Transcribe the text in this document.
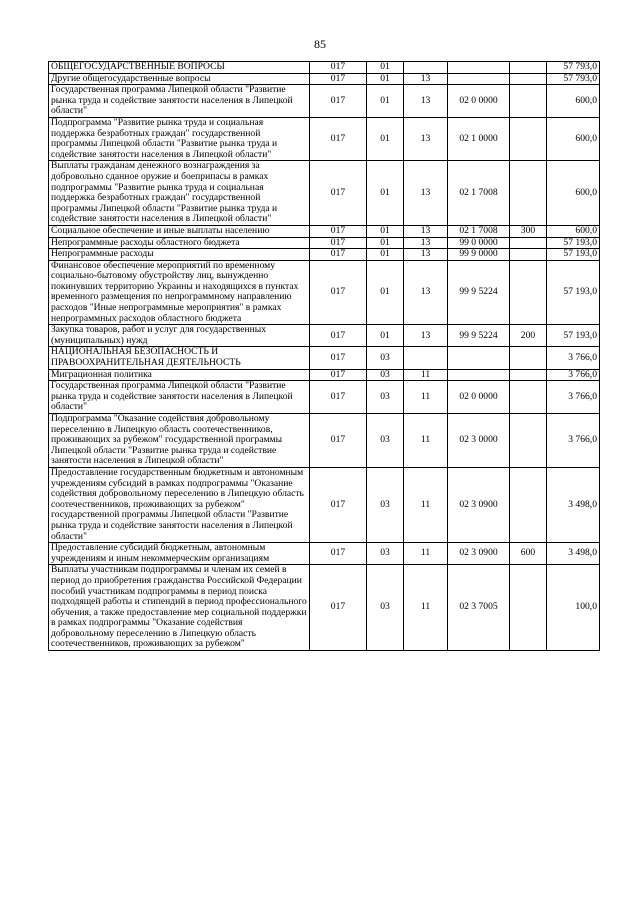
85
ОБЩЕГОСУДАРСТВЕННЫЕ ВОПРОСЫ	017	01				57 793,0
Другие общегосударственные вопросы	017	01	13			57 793,0
Государственная программа Липецкой области "Развитие рынка труда и содействие занятости населения в Липецкой области"	017	01	13	02 0 0000		600,0
Подпрограмма "Развитие рынка труда и социальная поддержка безработных граждан" государственной программы Липецкой области "Развитие рынка труда и содействие занятости населения в Липецкой области"	017	01	13	02 1 0000		600,0
Выплаты гражданам денежного вознаграждения за добровольно сданное оружие и боеприпасы в рамках подпрограммы "Развитие рынка труда и социальная поддержка безработных граждан" государственной программы Липецкой области "Развитие рынка труда и содействие занятости населения в Липецкой области"	017	01	13	02 1 7008		600,0
Социальное обеспечение и иные выплаты населению	017	01	13	02 1 7008	300	600,0
Непрограммные расходы областного бюджета	017	01	13	99 0 0000		57 193,0
Непрограммные расходы	017	01	13	99 9 0000		57 193,0
Финансовое обеспечение мероприятий по временному социально-бытовому обустройству лиц, вынужденно покинувших территорию Украины и находящихся в пунктах временного размещения по непрограммному направлению расходов "Иные непрограммные мероприятия" в рамках непрограммных расходов областного бюджета	017	01	13	99 9 5224		57 193,0
Закупка товаров, работ и услуг для государственных (муниципальных) нужд	017	01	13	99 9 5224	200	57 193,0
НАЦИОНАЛЬНАЯ БЕЗОПАСНОСТЬ И ПРАВООХРАНИТЕЛЬНАЯ ДЕЯТЕЛЬНОСТЬ	017	03				3 766,0
Миграционная политика	017	03	11			3 766,0
Государственная программа Липецкой области "Развитие рынка труда и содействие занятости населения в Липецкой области"	017	03	11	02 0 0000		3 766,0
Подпрограмма "Оказание содействия добровольному переселению в Липецкую область соотечественников, проживающих за рубежом" государственной программы Липецкой области "Развитие рынка труда и содействие занятости населения в Липецкой области"	017	03	11	02 3 0000		3 766,0
Предоставление государственным бюджетным и автономным учреждениям субсидий в рамках подпрограммы "Оказание содействия добровольному переселению в Липецкую область соотечественников, проживающих за рубежом" государственной программы Липецкой области "Развитие рынка труда и содействие занятости населения в Липецкой области"	017	03	11	02 3 0900		3 498,0
Предоставление субсидий бюджетным, автономным учреждениям и иным некоммерческим организациям	017	03	11	02 3 0900	600	3 498,0
Выплаты участникам подпрограммы и членам их семей в период до приобретения гражданства Российской Федерации пособий участникам подпрограммы в период поиска подходящей работы и стипендий в период профессионального обучения, а также предоставление мер социальной поддержки в рамках подпрограммы "Оказание содействия добровольному переселению в Липецкую область соотечественников, проживающих за рубежом"	017	03	11	02 3 7005		100,0
